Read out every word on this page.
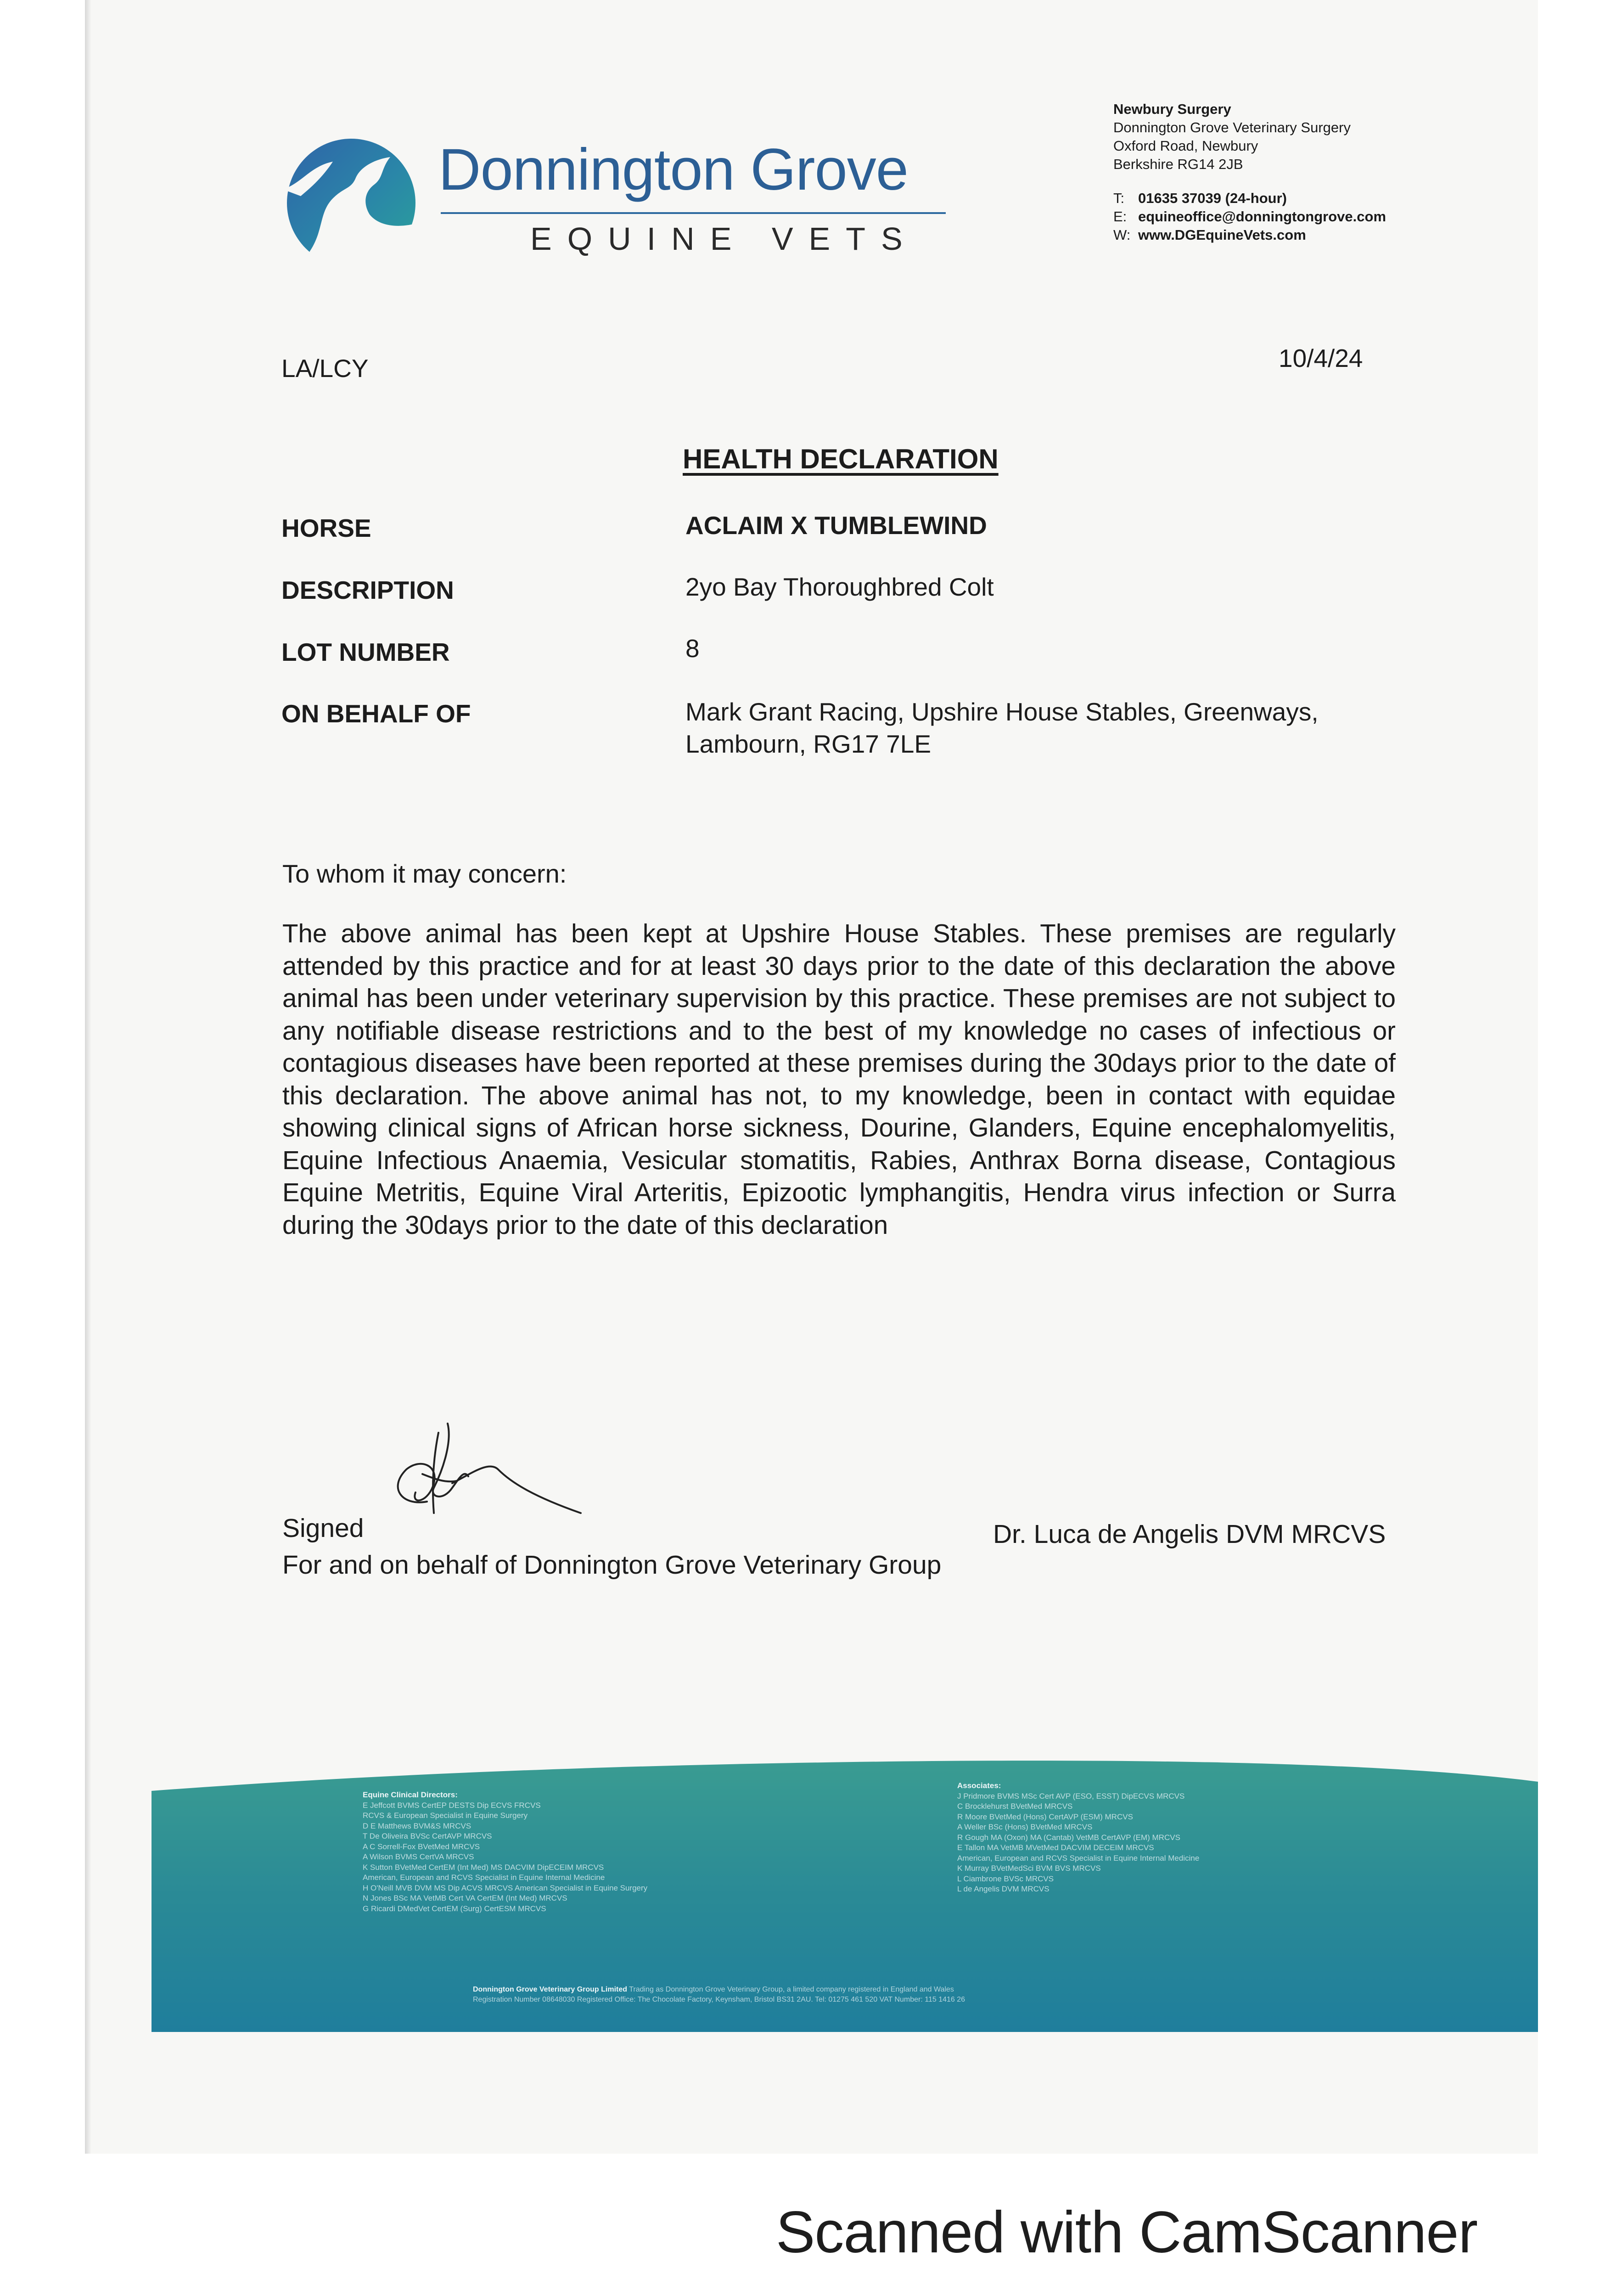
Donnington Grove
EQUINE VETS
Newbury Surgery
Donnington Grove Veterinary Surgery
Oxford Road, Newbury
Berkshire RG14 2JB
T: 01635 37039 (24-hour)
E: equineoffice@donningtongrove.com
W: www.DGEquineVets.com
LA/LCY	10/4/24
HEALTH DECLARATION
HORSE	ACLAIM X TUMBLEWIND
DESCRIPTION	2yo Bay Thoroughbred Colt
LOT NUMBER	8
ON BEHALF OF	Mark Grant Racing, Upshire House Stables, Greenways, Lambourn, RG17 7LE
To whom it may concern:
The above animal has been kept at Upshire House Stables. These premises are regularly attended by this practice and for at least 30 days prior to the date of this declaration the above animal has been under veterinary supervision by this practice. These premises are not subject to any notifiable disease restrictions and to the best of my knowledge no cases of infectious or contagious diseases have been reported at these premises during the 30days prior to the date of this declaration. The above animal has not, to my knowledge, been in contact with equidae showing clinical signs of African horse sickness, Dourine, Glanders, Equine encephalomyelitis, Equine Infectious Anaemia, Vesicular stomatitis, Rabies, Anthrax Borna disease, Contagious Equine Metritis, Equine Viral Arteritis, Epizootic lymphangitis, Hendra virus infection or Surra during the 30days prior to the date of this declaration
Signed
For and on behalf of Donnington Grove Veterinary Group
Dr. Luca de Angelis DVM MRCVS
Equine Clinical Directors:
E Jeffcott BVMS CertEP DESTS Dip ECVS FRCVS
RCVS & European Specialist in Equine Surgery
D E Matthews BVM&S MRCVS
T De Oliveira BVSc CertAVP MRCVS
A C Sorrell-Fox BVetMed MRCVS
A Wilson BVMS CertVA MRCVS
K Sutton BVetMed CertEM (Int Med) MS DACVIM DipECEIM MRCVS
American, European and RCVS Specialist in Equine Internal Medicine
H O'Neill MVB DVM MS Dip ACVS MRCVS American Specialist in Equine Surgery
N Jones BSc MA VetMB Cert VA CertEM (Int Med) MRCVS
G Ricardi DMedVet CertEM (Surg) CertESM MRCVS
Associates:
J Pridmore BVMS MSc Cert AVP (ESO, ESST) DipECVS MRCVS
C Brocklehurst BVetMed MRCVS
R Moore BVetMed (Hons) CertAVP (ESM) MRCVS
A Weller BSc (Hons) BVetMed MRCVS
R Gough MA (Oxon) MA (Cantab) VetMB CertAVP (EM) MRCVS
E Tallon MA VetMB MVetMed DACVIM DECEIM MRCVS
American, European and RCVS Specialist in Equine Internal Medicine
K Murray BVetMedSci BVM BVS MRCVS
L Ciambrone BVSc MRCVS
L de Angelis DVM MRCVS
Donnington Grove Veterinary Group Limited Trading as Donnington Grove Veterinary Group, a limited company registered in England and Wales
Registration Number 08648030 Registered Office: The Chocolate Factory, Keynsham, Bristol BS31 2AU. Tel: 01275 461 520 VAT Number: 115 1416 26
Scanned with CamScanner
